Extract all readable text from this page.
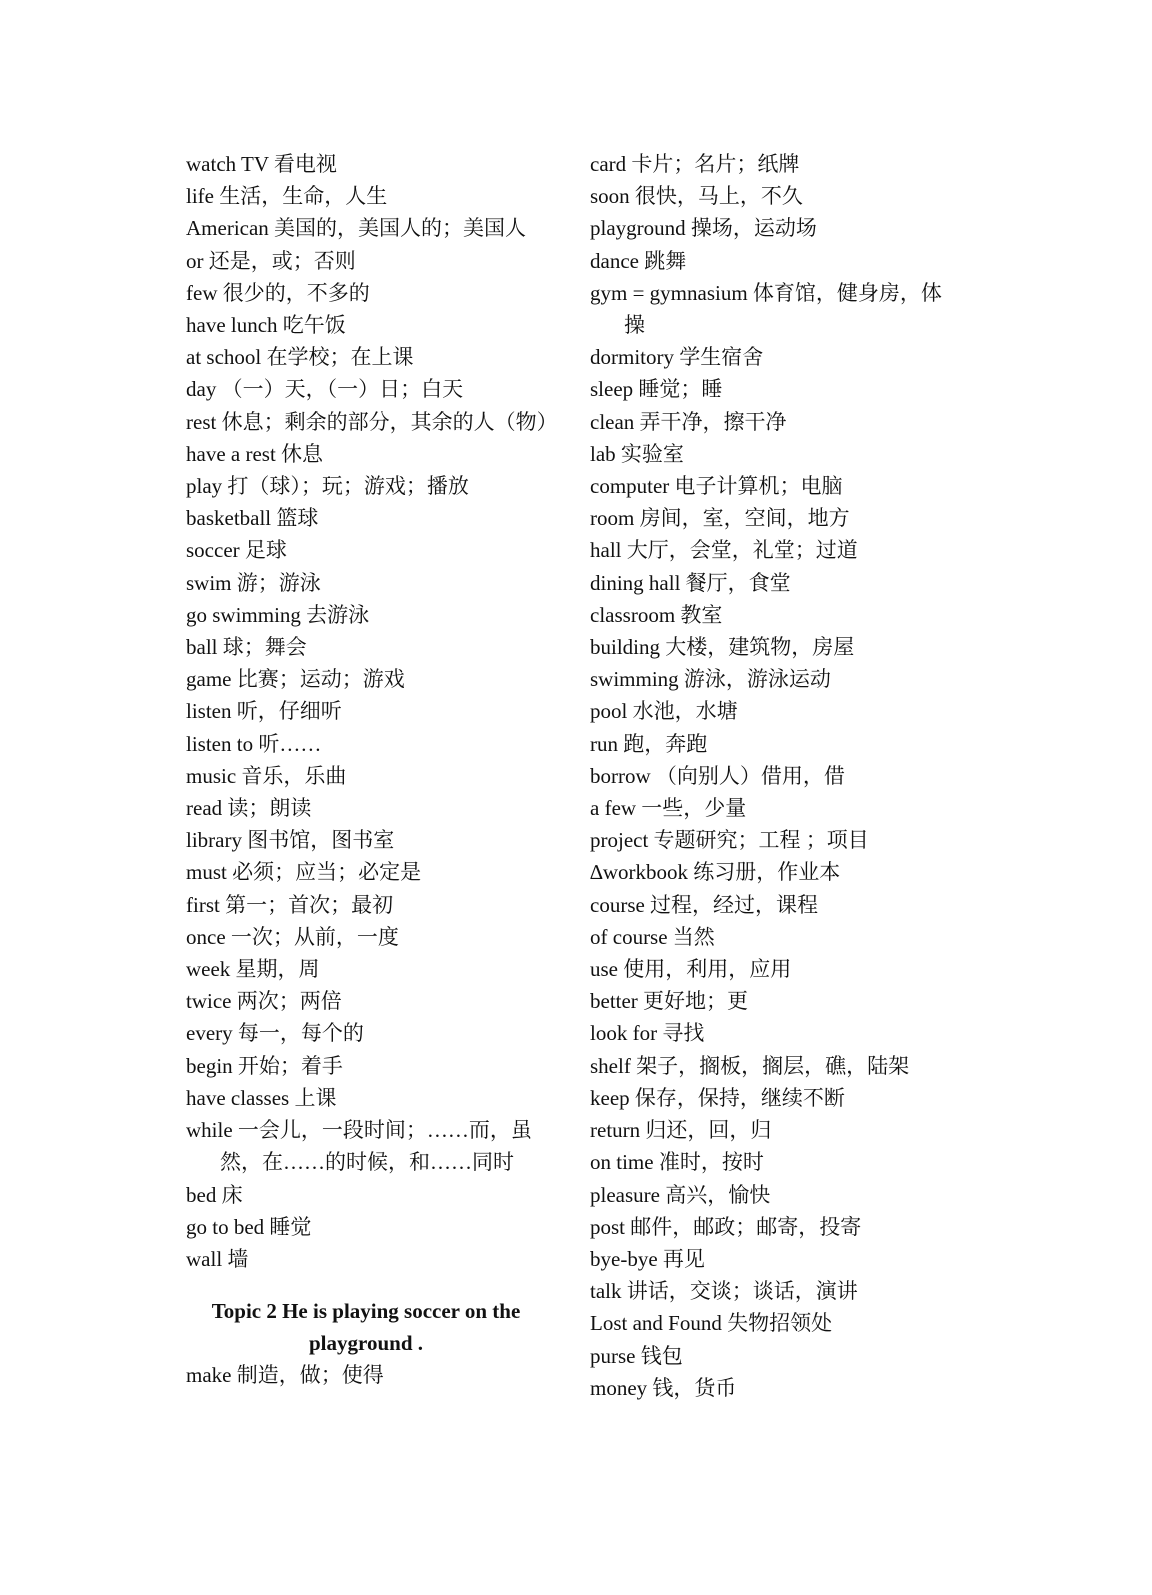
watch TV 看电视
life 生活，生命，人生
American 美国的，美国人的；美国人
or 还是，或；否则
few 很少的，不多的
have lunch 吃午饭
at school 在学校；在上课
day （一）天，（一）日；白天
rest 休息；剩余的部分，其余的人（物）
have a rest 休息
play 打（球）；玩；游戏；播放
basketball 篮球
soccer 足球
swim 游；游泳
go swimming 去游泳
ball 球；舞会
game 比赛；运动；游戏
listen 听，仔细听
listen to 听……
music 音乐，乐曲
read 读；朗读
library 图书馆，图书室
must 必须；应当；必定是
first 第一；首次；最初
once 一次；从前，一度
week 星期，周
twice 两次；两倍
every 每一，每个的
begin 开始；着手
have classes 上课
while 一会儿，一段时间；……而，虽
然，在……的时候，和……同时
bed 床
go to bed 睡觉
wall 墙
Topic 2 He is playing soccer on the
playground .
make 制造，做；使得
card 卡片；名片；纸牌
soon 很快，马上，不久
playground 操场，运动场
dance 跳舞
gym = gymnasium 体育馆，健身房，体
操
dormitory 学生宿舍
sleep 睡觉；睡
clean 弄干净，擦干净
lab 实验室
computer 电子计算机；电脑
room 房间，室，空间，地方
hall 大厅，会堂，礼堂；过道
dining hall 餐厅，食堂
classroom 教室
building 大楼，建筑物，房屋
swimming 游泳，游泳运动
pool 水池，水塘
run 跑，奔跑
borrow （向别人）借用，借
a few 一些，少量
project 专题研究；工程 ；项目
∆workbook 练习册，作业本
course 过程，经过，课程
of course 当然
use 使用，利用，应用
better 更好地；更
look for 寻找
shelf 架子，搁板，搁层，礁，陆架
keep 保存，保持，继续不断
return 归还，回，归
on time 准时，按时
pleasure 高兴，愉快
post 邮件，邮政；邮寄，投寄
bye-bye 再见
talk 讲话，交谈；谈话，演讲
Lost and Found 失物招领处
purse 钱包
money 钱，货币
